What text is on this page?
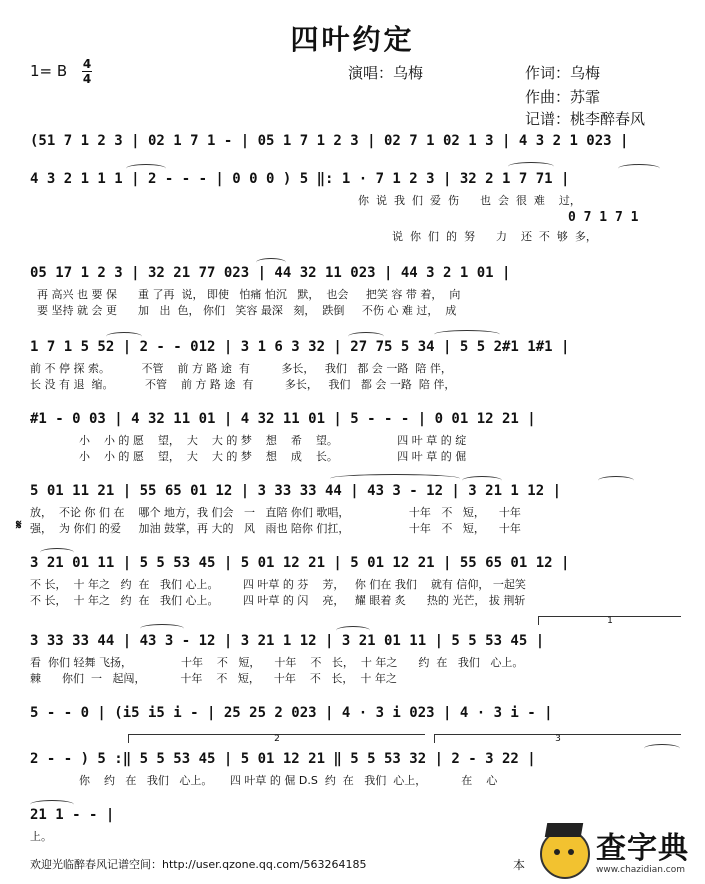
四叶约定
1= B 4
4	演唱：乌梅	作词：乌梅
作曲：苏霏
记谱：桃李醉春风
(51 7 1 2 3 | 02 1 7 1 - | 05 1 7 1 2 3 | 02 7 1 02 1 3 | 4 3 2 1 023 |
4 3 2 1 1 1 | 2 - - - | 0 0 0 ) 5 ‖: 1 · 7 1 2 3 | 32 2 1 7 71 |
你  说  我  们  爱  伤      也  会  很  难    过，
0 7 1 7 1
说  你  们  的  努      力    还  不  够  多，
05 17 1 2 3 | 32 21 77 023 | 44 32 11 023 | 44 3 2 1 01 |
再 高兴 也 要 保      重 了再  说， 即使   怕痛 怕沉   默，  也会     把笑 容 带 着，  向
要 坚持 就 会 更      加   出  色， 你们   笑容 最深   刻，  跌倒     不伤 心 难 过，  成
1 7 1 5 52 | 2 - - 012 | 3 1 6 3 32 | 27 75 5 34 | 5 5 2#1 1#1 |
前 不 停 探 索。         不管    前 方 路 途  有         多长，   我们   都 会 一路  陪 伴，
长 没 有 退  缩。         不管    前 方 路 途  有         多长，   我们   都 会 一路  陪 伴，
#1 - 0 03 | 4 32 11 01 | 4 32 11 01 | 5 - - - | 0 01 12 21 |
小    小 的 愿    望，  大    大 的 梦    想    希    望。                 四 叶 草 的 绽
小    小 的 愿    望，  大    大 的 梦    想    成    长。                 四 叶 草 的 倔
5 01 11 21 | 55 65 01 12 | 3 33 33 44 | 43 3 - 12 | 3 21 1 12 |
放，  不论 你 们 在    哪个 地方，我 们会   一   直陪 你们 歌唱，                 十年   不   短，    十年
𝄋 强，  为 你们 的爱     加油 鼓掌，再 大的   风   雨也 陪你 们扛，                 十年   不   短，    十年
3 21 01 11 | 5 5 53 45 | 5 01 12 21 | 5 01 12 21 | 55 65 01 12 |
不 长，  十 年之   约  在   我们 心上。       四 叶草 的 芬    芳，   你 们在 我们    就有 信仰， 一起笑
不 长，  十 年之   约  在   我们 心上。       四 叶草 的 闪    亮，   耀 眼着 炙      热的 光芒， 拔 荆斩
1
3 33 33 44 | 43 3 - 12 | 3 21 1 12 | 3 21 01 11 | 5 5 53 45 |
看  你们 轻舞 飞扬，              十年    不   短，    十年    不   长，  十 年之      约  在   我们   心上。
棘      你们  一   起闯，          十年    不   短，    十年    不   长，  十 年之
5 - - 0 | (i5 i5 i - | 25 25 2 023 | 4 · 3 i 023 | 4 · 3 i - |
2	3
2 - - ) 5 :‖ 5 5 53 45 | 5 01 12 21 ‖ 5 5 53 32 | 2 - 3 22 |
你    约   在   我们   心上。     四 叶草 的 倔 D.S  约  在   我们  心上，          在    心
21 1 - - |
上。
欢迎光临醉春风记谱空间：http://user.qzone.qq.com/563264185	本 查字典
www.chazidian.com
